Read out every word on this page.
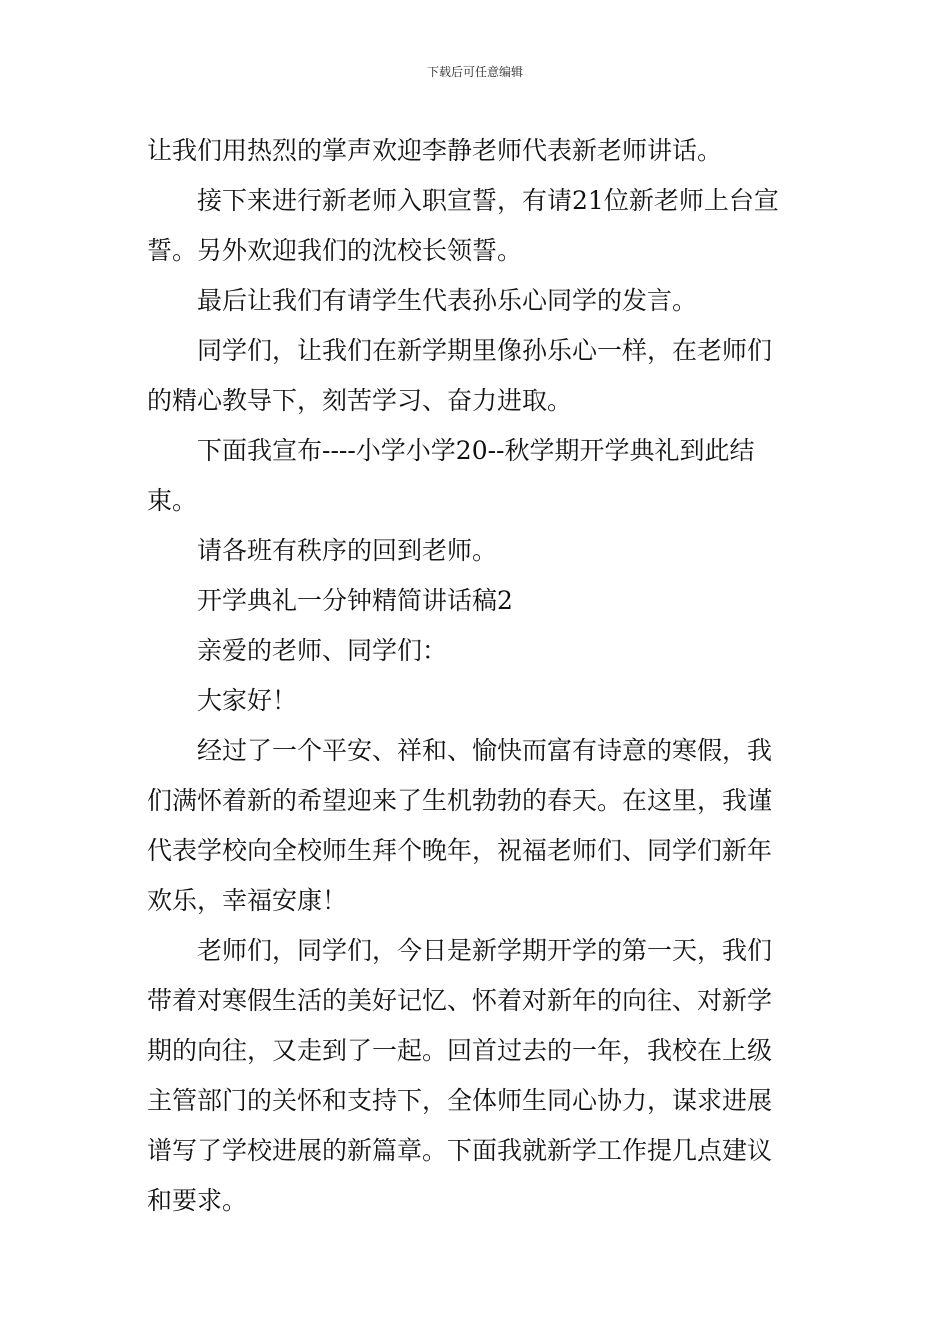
下载后可任意编辑
让我们用热烈的掌声欢迎李静老师代表新老师讲话。
接下来进行新老师入职宣誓，有请21位新老师上台宣
誓。另外欢迎我们的沈校长领誓。
最后让我们有请学生代表孙乐心同学的发言。
同学们，让我们在新学期里像孙乐心一样，在老师们
的精心教导下，刻苦学习、奋力进取。
下面我宣布----小学小学20--秋学期开学典礼到此结
束。
请各班有秩序的回到老师。
开学典礼一分钟精简讲话稿2
亲爱的老师、同学们：
大家好！
经过了一个平安、祥和、愉快而富有诗意的寒假，我
们满怀着新的希望迎来了生机勃勃的春天。在这里，我谨
代表学校向全校师生拜个晚年，祝福老师们、同学们新年
欢乐，幸福安康！
老师们，同学们，今日是新学期开学的第一天，我们
带着对寒假生活的美好记忆、怀着对新年的向往、对新学
期的向往，又走到了一起。回首过去的一年，我校在上级
主管部门的关怀和支持下，全体师生同心协力，谋求进展
谱写了学校进展的新篇章。下面我就新学工作提几点建议
和要求。
